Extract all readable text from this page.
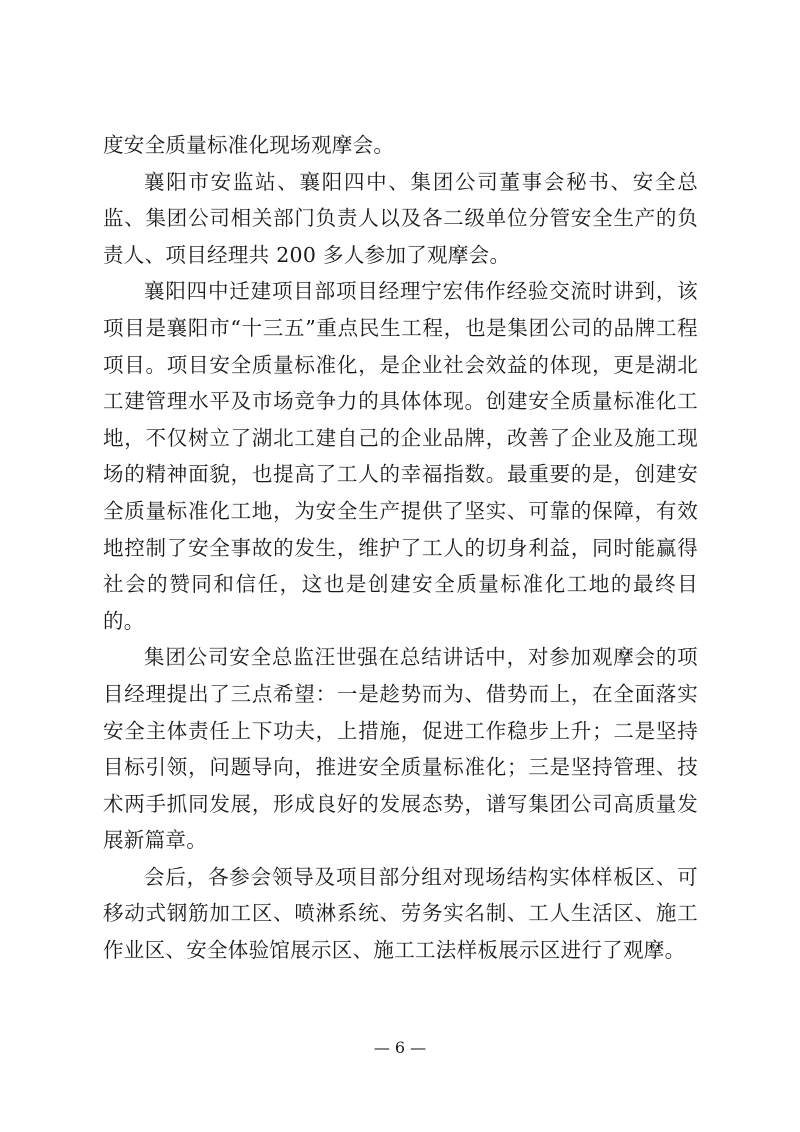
度安全质量标准化现场观摩会。

襄阳市安监站、襄阳四中、集团公司董事会秘书、安全总监、集团公司相关部门负责人以及各二级单位分管安全生产的负责人、项目经理共 200 多人参加了观摩会。

襄阳四中迁建项目部项目经理宁宏伟作经验交流时讲到，该项目是襄阳市“十三五”重点民生工程，也是集团公司的品牌工程项目。项目安全质量标准化，是企业社会效益的体现，更是湖北工建管理水平及市场竞争力的具体体现。创建安全质量标准化工地，不仅树立了湖北工建自己的企业品牌，改善了企业及施工现场的精神面貌，也提高了工人的幸福指数。最重要的是，创建安全质量标准化工地，为安全生产提供了坚实、可靠的保障，有效地控制了安全事故的发生，维护了工人的切身利益，同时能赢得社会的赞同和信任，这也是创建安全质量标准化工地的最终目的。

集团公司安全总监汪世强在总结讲话中，对参加观摩会的项目经理提出了三点希望：一是趁势而为、借势而上，在全面落实安全主体责任上下功夫，上措施，促进工作稳步上升；二是坚持目标引领，问题导向，推进安全质量标准化；三是坚持管理、技术两手抓同发展，形成良好的发展态势，谱写集团公司高质量发展新篇章。

会后，各参会领导及项目部分组对现场结构实体样板区、可移动式钢筋加工区、喷淋系统、劳务实名制、工人生活区、施工作业区、安全体验馆展示区、施工工法样板展示区进行了观摩。

— 6 —
